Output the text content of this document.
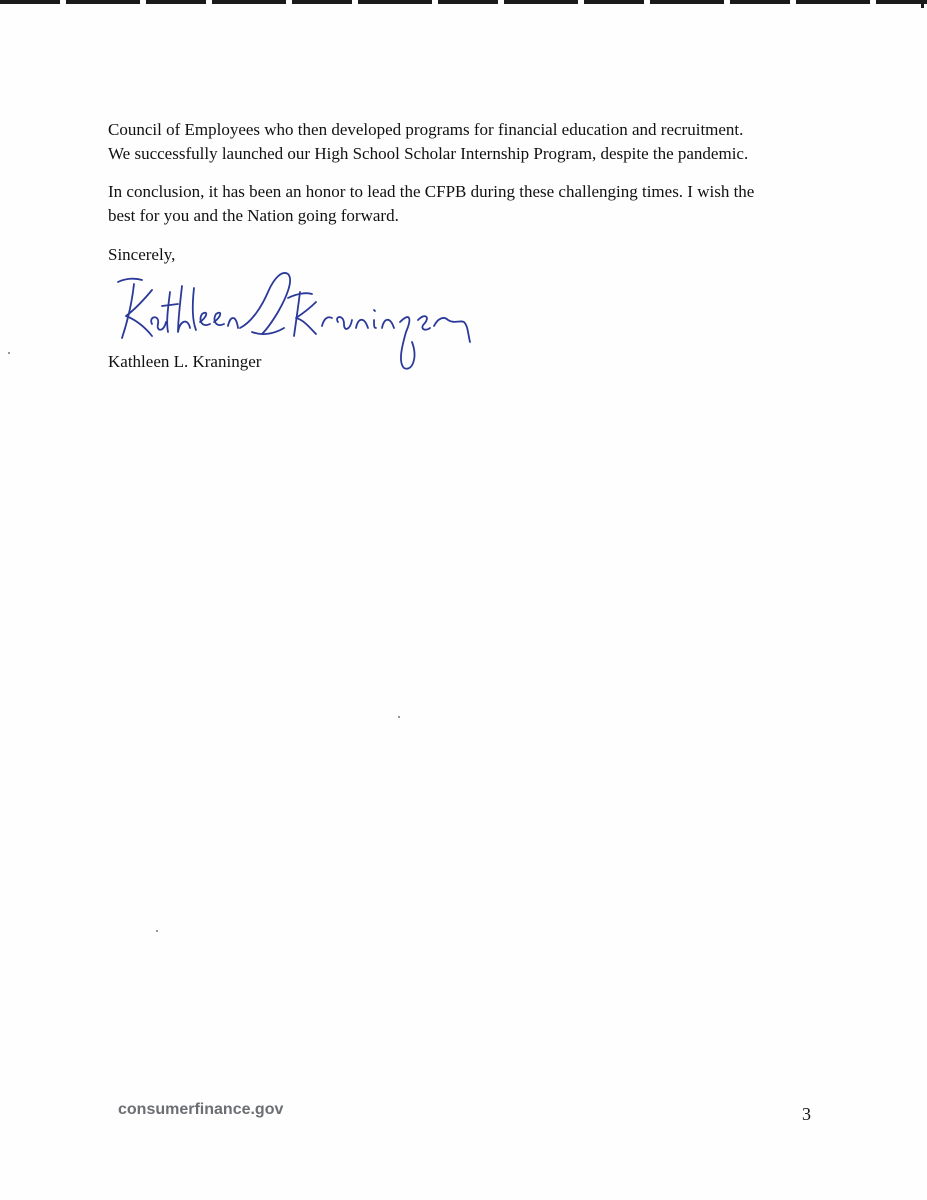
Council of Employees who then developed programs for financial education and recruitment.
We successfully launched our High School Scholar Internship Program, despite the pandemic.

In conclusion, it has been an honor to lead the CFPB during these challenging times. I wish the
best for you and the Nation going forward.

Sincerely,

Kathleen L. Kraninger

consumerfinance.gov	3
